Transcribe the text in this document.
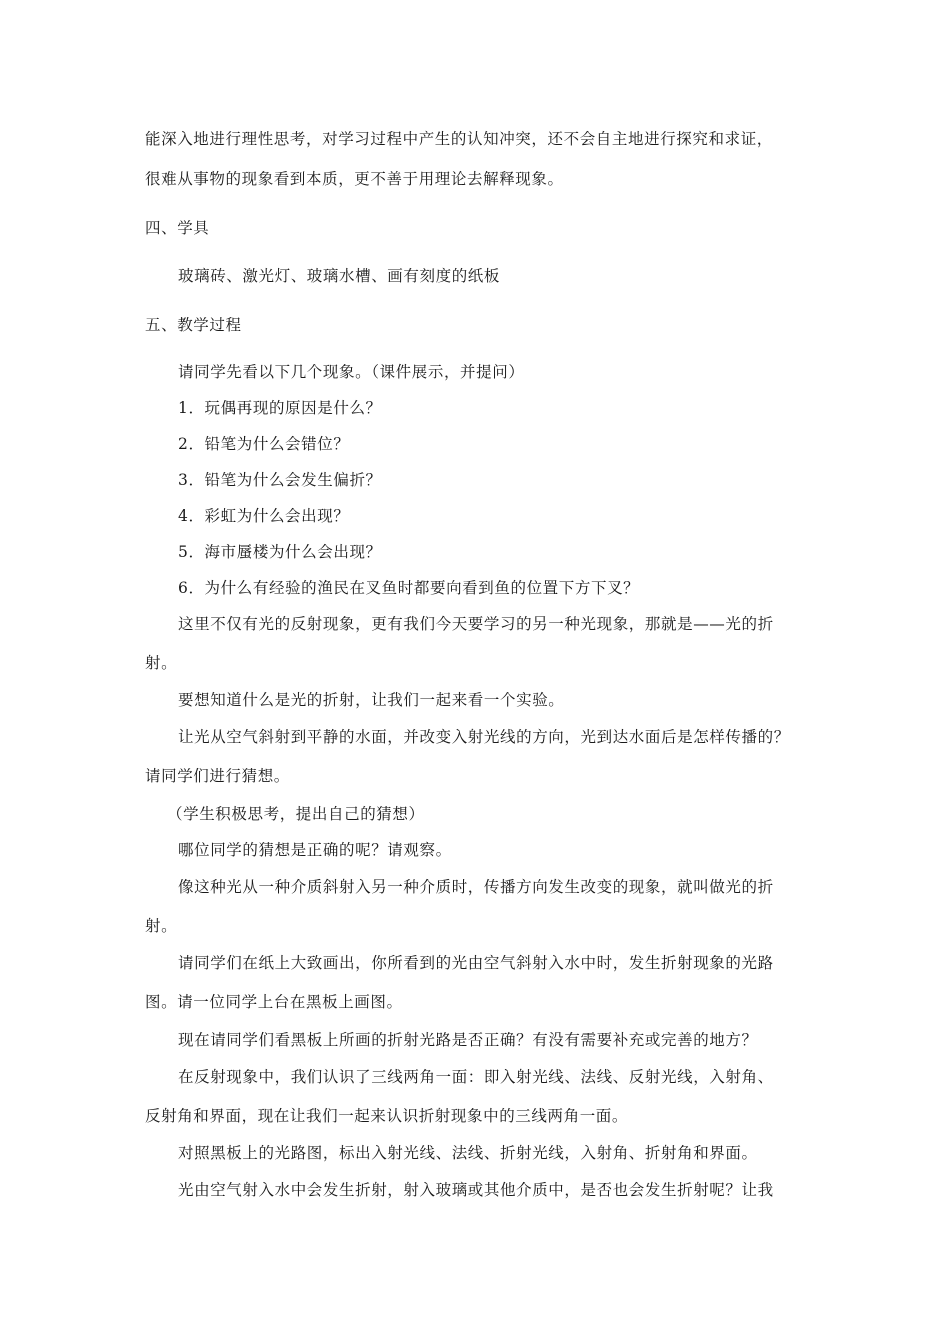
能深入地进行理性思考，对学习过程中产生的认知冲突，还不会自主地进行探究和求证，
很难从事物的现象看到本质，更不善于用理论去解释现象。
四、学具
玻璃砖、激光灯、玻璃水槽、画有刻度的纸板
五、教学过程
请同学先看以下几个现象。（课件展示，并提问）
1．玩偶再现的原因是什么？
2．铅笔为什么会错位？
3．铅笔为什么会发生偏折？
4．彩虹为什么会出现？
5．海市蜃楼为什么会出现？
6．为什么有经验的渔民在叉鱼时都要向看到鱼的位置下方下叉？
这里不仅有光的反射现象，更有我们今天要学习的另一种光现象，那就是——光的折
射。
要想知道什么是光的折射，让我们一起来看一个实验。
让光从空气斜射到平静的水面，并改变入射光线的方向，光到达水面后是怎样传播的？
请同学们进行猜想。
（学生积极思考，提出自己的猜想）
哪位同学的猜想是正确的呢？请观察。
像这种光从一种介质斜射入另一种介质时，传播方向发生改变的现象，就叫做光的折
射。
请同学们在纸上大致画出，你所看到的光由空气斜射入水中时，发生折射现象的光路
图。请一位同学上台在黑板上画图。
现在请同学们看黑板上所画的折射光路是否正确？有没有需要补充或完善的地方？
在反射现象中，我们认识了三线两角一面：即入射光线、法线、反射光线，入射角、
反射角和界面，现在让我们一起来认识折射现象中的三线两角一面。
对照黑板上的光路图，标出入射光线、法线、折射光线，入射角、折射角和界面。
光由空气射入水中会发生折射，射入玻璃或其他介质中，是否也会发生折射呢？让我
